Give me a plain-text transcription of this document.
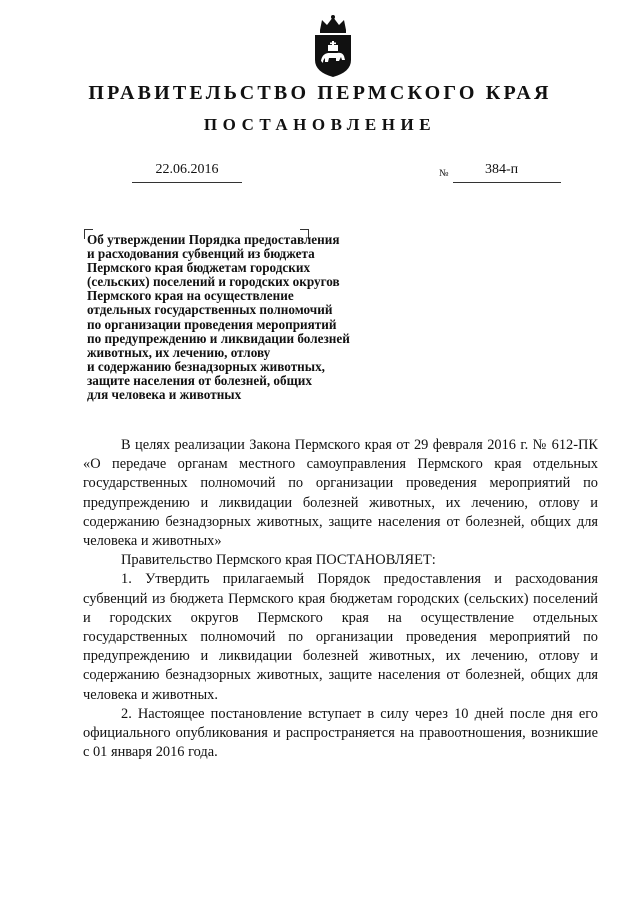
ПРАВИТЕЛЬСТВО ПЕРМСКОГО КРАЯ
ПОСТАНОВЛЕНИЕ
22.06.2016	№	384-п
Об утверждении Порядка предоставления
и расходования субвенций из бюджета
Пермского края бюджетам городских
(сельских) поселений и городских округов
Пермского края на осуществление
отдельных государственных полномочий
по организации проведения мероприятий
по предупреждению и ликвидации болезней
животных, их лечению, отлову
и содержанию безнадзорных животных,
защите населения от болезней, общих
для человека и животных

В целях реализации Закона Пермского края от 29 февраля 2016 г. № 612-ПК «О передаче органам местного самоуправления Пермского края отдельных государственных полномочий по организации проведения мероприятий по предупреждению и ликвидации болезней животных, их лечению, отлову и содержанию безнадзорных животных, защите населения от болезней, общих для человека и животных»

Правительство Пермского края ПОСТАНОВЛЯЕТ:

1. Утвердить прилагаемый Порядок предоставления и расходования субвенций из бюджета Пермского края бюджетам городских (сельских) поселений и городских округов Пермского края на осуществление отдельных государственных полномочий по организации проведения мероприятий по предупреждению и ликвидации болезней животных, их лечению, отлову и содержанию безнадзорных животных, защите населения от болезней, общих для человека и животных.

2. Настоящее постановление вступает в силу через 10 дней после дня его официального опубликования и распространяется на правоотношения, возникшие с 01 января 2016 года.
